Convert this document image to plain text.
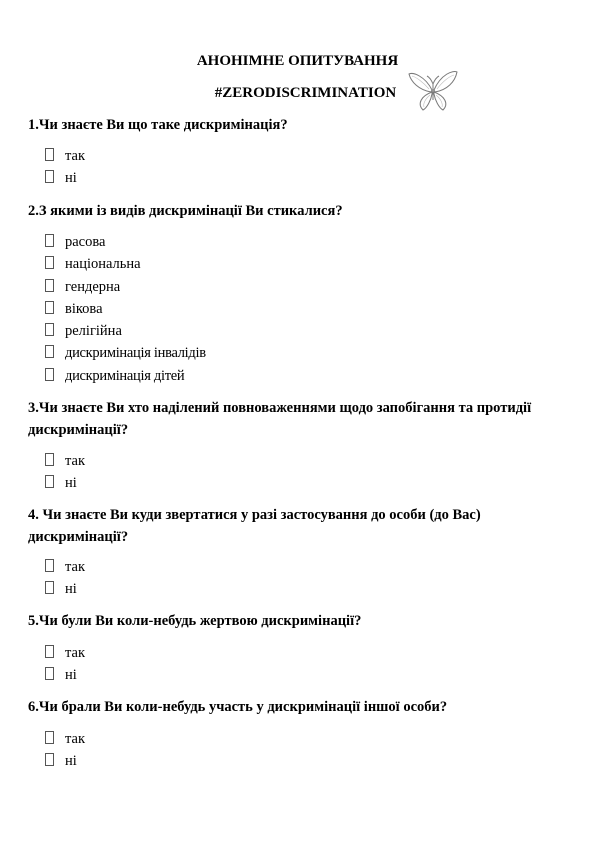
АНОНІМНЕ ОПИТУВАННЯ
#ZERODISCRIMINATION
1.Чи знаєте Ви що таке дискримінація?
так
ні
2.З якими із видів дискримінації Ви стикалися?
расова
національна
гендерна
вікова
релігійна
дискримінація інвалідів
дискримінація дітей
3.Чи знаєте Ви хто наділений повноваженнями щодо запобігання та протидії дискримінації?
так
ні
4. Чи знаєте Ви куди звертатися у разі застосування до особи (до Вас) дискримінації?
так
ні
5.Чи були Ви коли-небудь жертвою дискримінації?
так
ні
6.Чи брали Ви коли-небудь участь у дискримінації іншої особи?
так
ні
